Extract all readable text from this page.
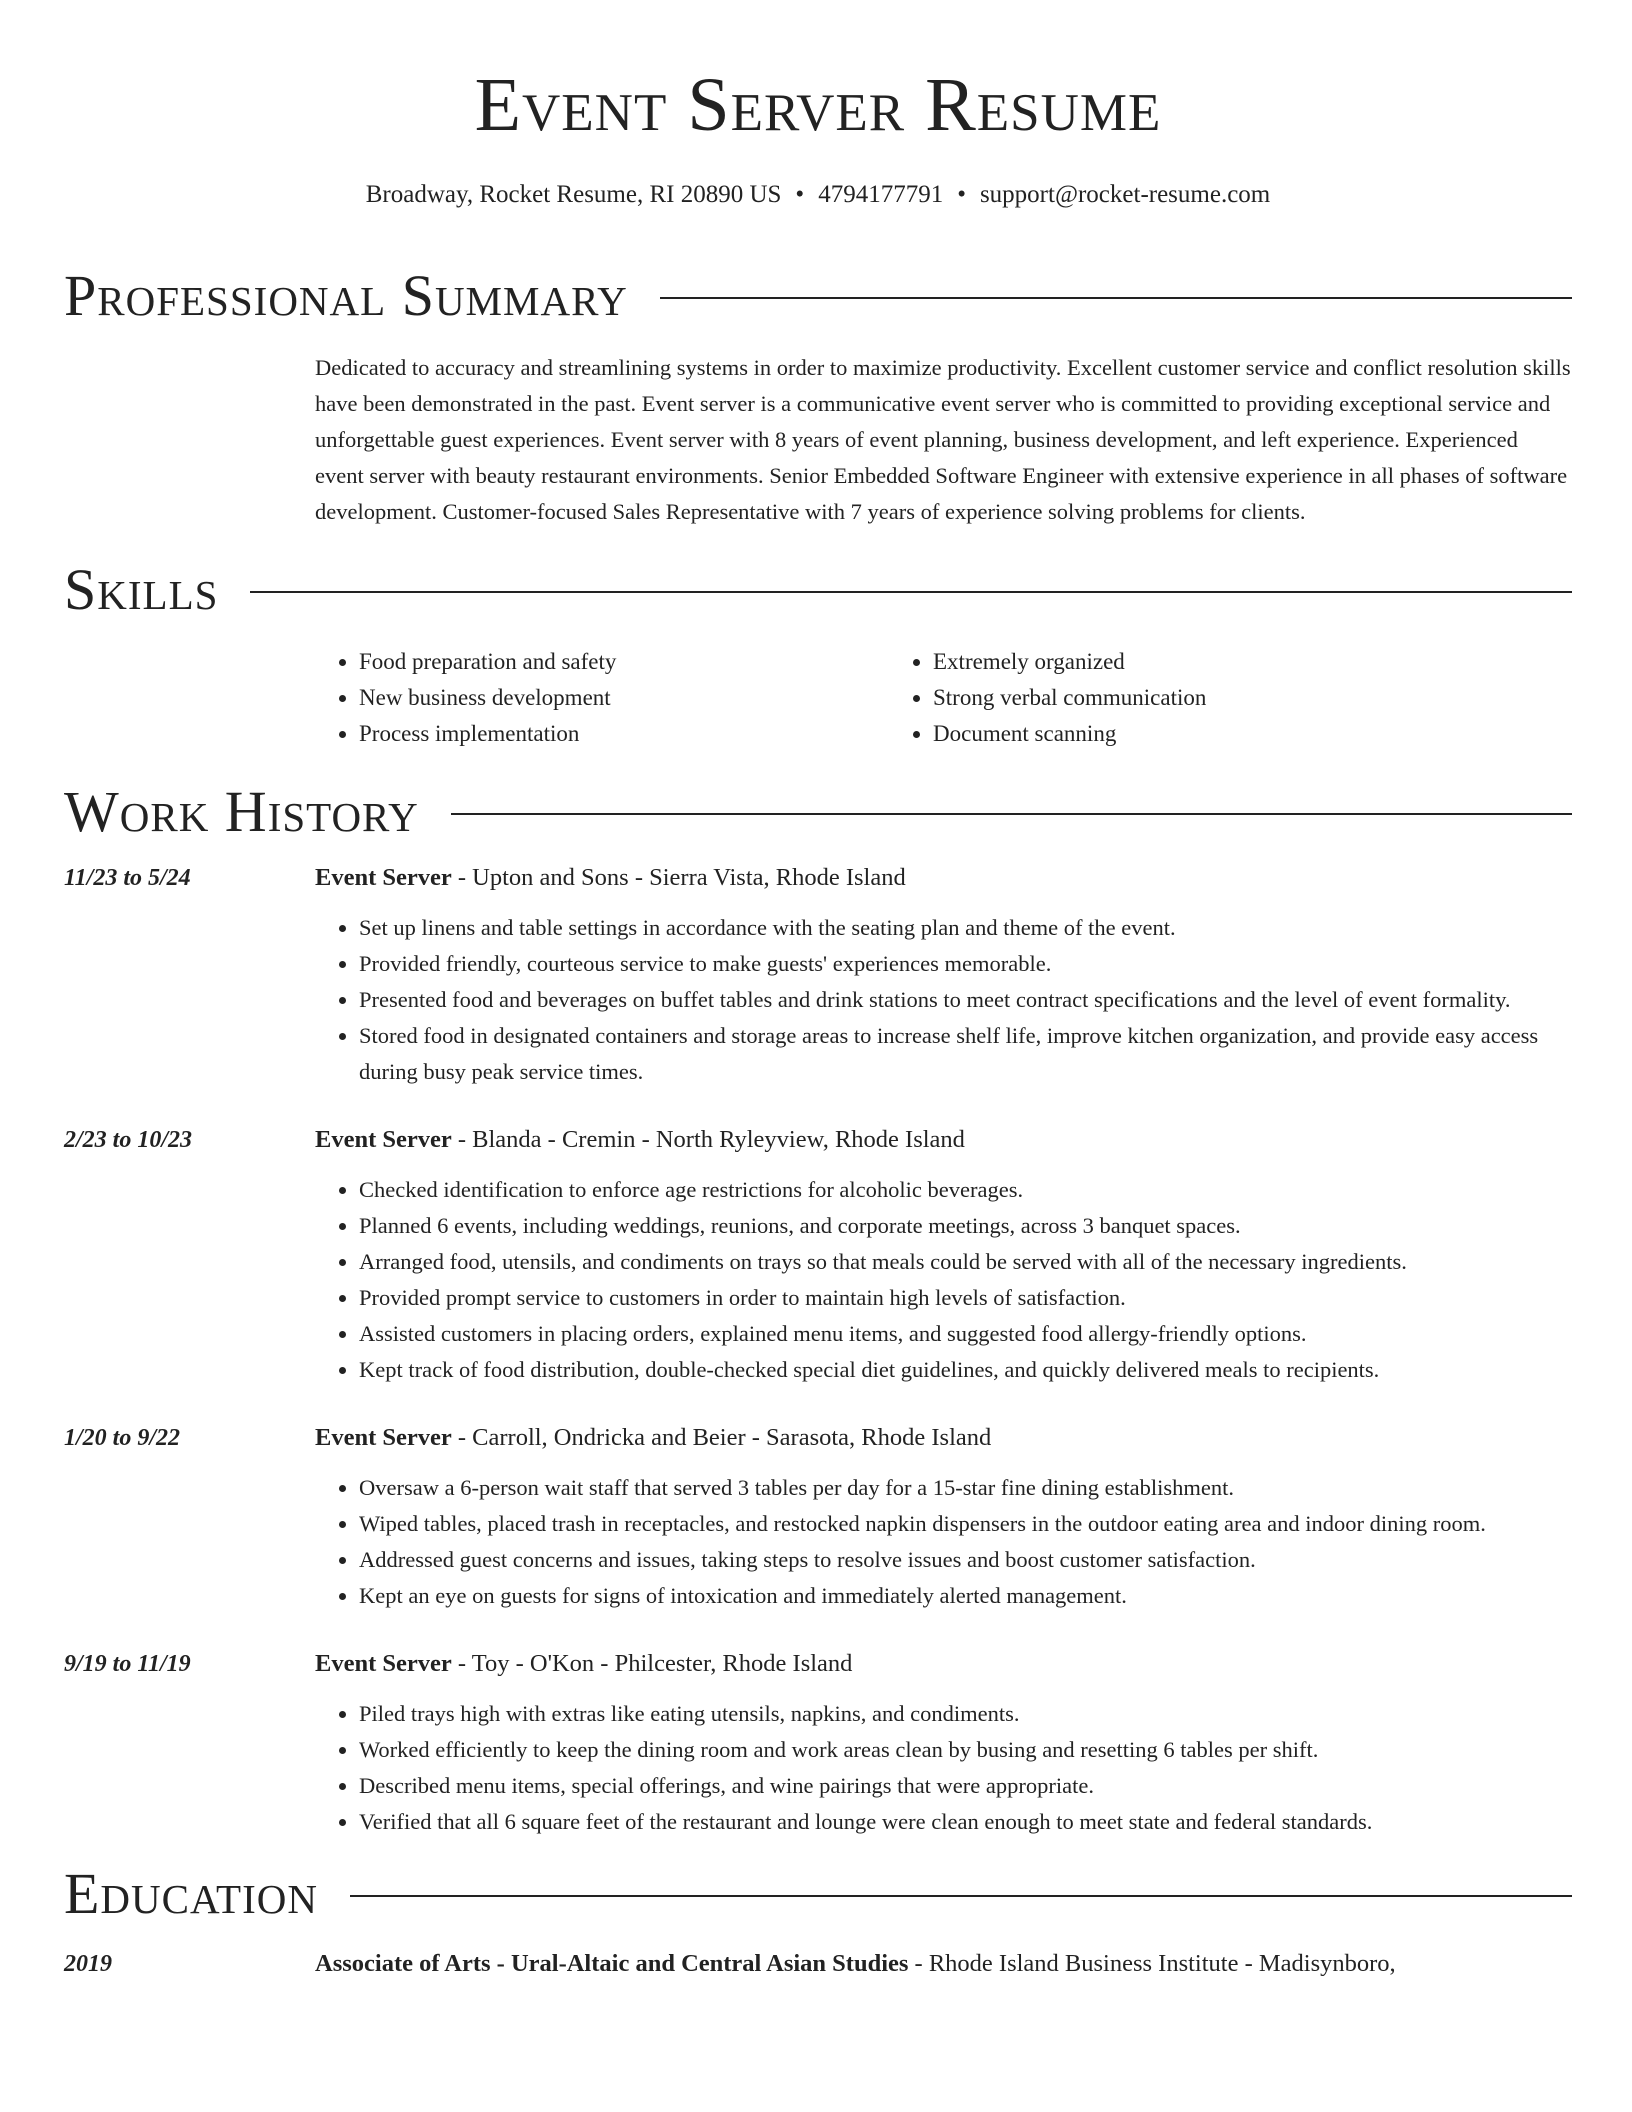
Event Server Resume
Broadway, Rocket Resume, RI 20890 US • 4794177791 • support@rocket-resume.com
Professional Summary

Dedicated to accuracy and streamlining systems in order to maximize productivity. Excellent customer service and conflict resolution skills have been demonstrated in the past. Event server is a communicative event server who is committed to providing exceptional service and unforgettable guest experiences. Event server with 8 years of event planning, business development, and left experience. Experienced event server with beauty restaurant environments. Senior Embedded Software Engineer with extensive experience in all phases of software development. Customer-focused Sales Representative with 7 years of experience solving problems for clients.

Skills
• Food preparation and safety
• New business development
• Process implementation
• Extremely organized
• Strong verbal communication
• Document scanning
Work History
11/23 to 5/24	Event Server - Upton and Sons - Sierra Vista, Rhode Island
• Set up linens and table settings in accordance with the seating plan and theme of the event.
• Provided friendly, courteous service to make guests' experiences memorable.
• Presented food and beverages on buffet tables and drink stations to meet contract specifications and the level of event formality.
• Stored food in designated containers and storage areas to increase shelf life, improve kitchen organization, and provide easy access during busy peak service times.
2/23 to 10/23	Event Server - Blanda - Cremin - North Ryleyview, Rhode Island
• Checked identification to enforce age restrictions for alcoholic beverages.
• Planned 6 events, including weddings, reunions, and corporate meetings, across 3 banquet spaces.
• Arranged food, utensils, and condiments on trays so that meals could be served with all of the necessary ingredients.
• Provided prompt service to customers in order to maintain high levels of satisfaction.
• Assisted customers in placing orders, explained menu items, and suggested food allergy-friendly options.
• Kept track of food distribution, double-checked special diet guidelines, and quickly delivered meals to recipients.
1/20 to 9/22	Event Server - Carroll, Ondricka and Beier - Sarasota, Rhode Island
• Oversaw a 6-person wait staff that served 3 tables per day for a 15-star fine dining establishment.
• Wiped tables, placed trash in receptacles, and restocked napkin dispensers in the outdoor eating area and indoor dining room.
• Addressed guest concerns and issues, taking steps to resolve issues and boost customer satisfaction.
• Kept an eye on guests for signs of intoxication and immediately alerted management.
9/19 to 11/19	Event Server - Toy - O'Kon - Philcester, Rhode Island
• Piled trays high with extras like eating utensils, napkins, and condiments.
• Worked efficiently to keep the dining room and work areas clean by busing and resetting 6 tables per shift.
• Described menu items, special offerings, and wine pairings that were appropriate.
• Verified that all 6 square feet of the restaurant and lounge were clean enough to meet state and federal standards.
Education
2019	Associate of Arts - Ural-Altaic and Central Asian Studies - Rhode Island Business Institute - Madisynboro,
